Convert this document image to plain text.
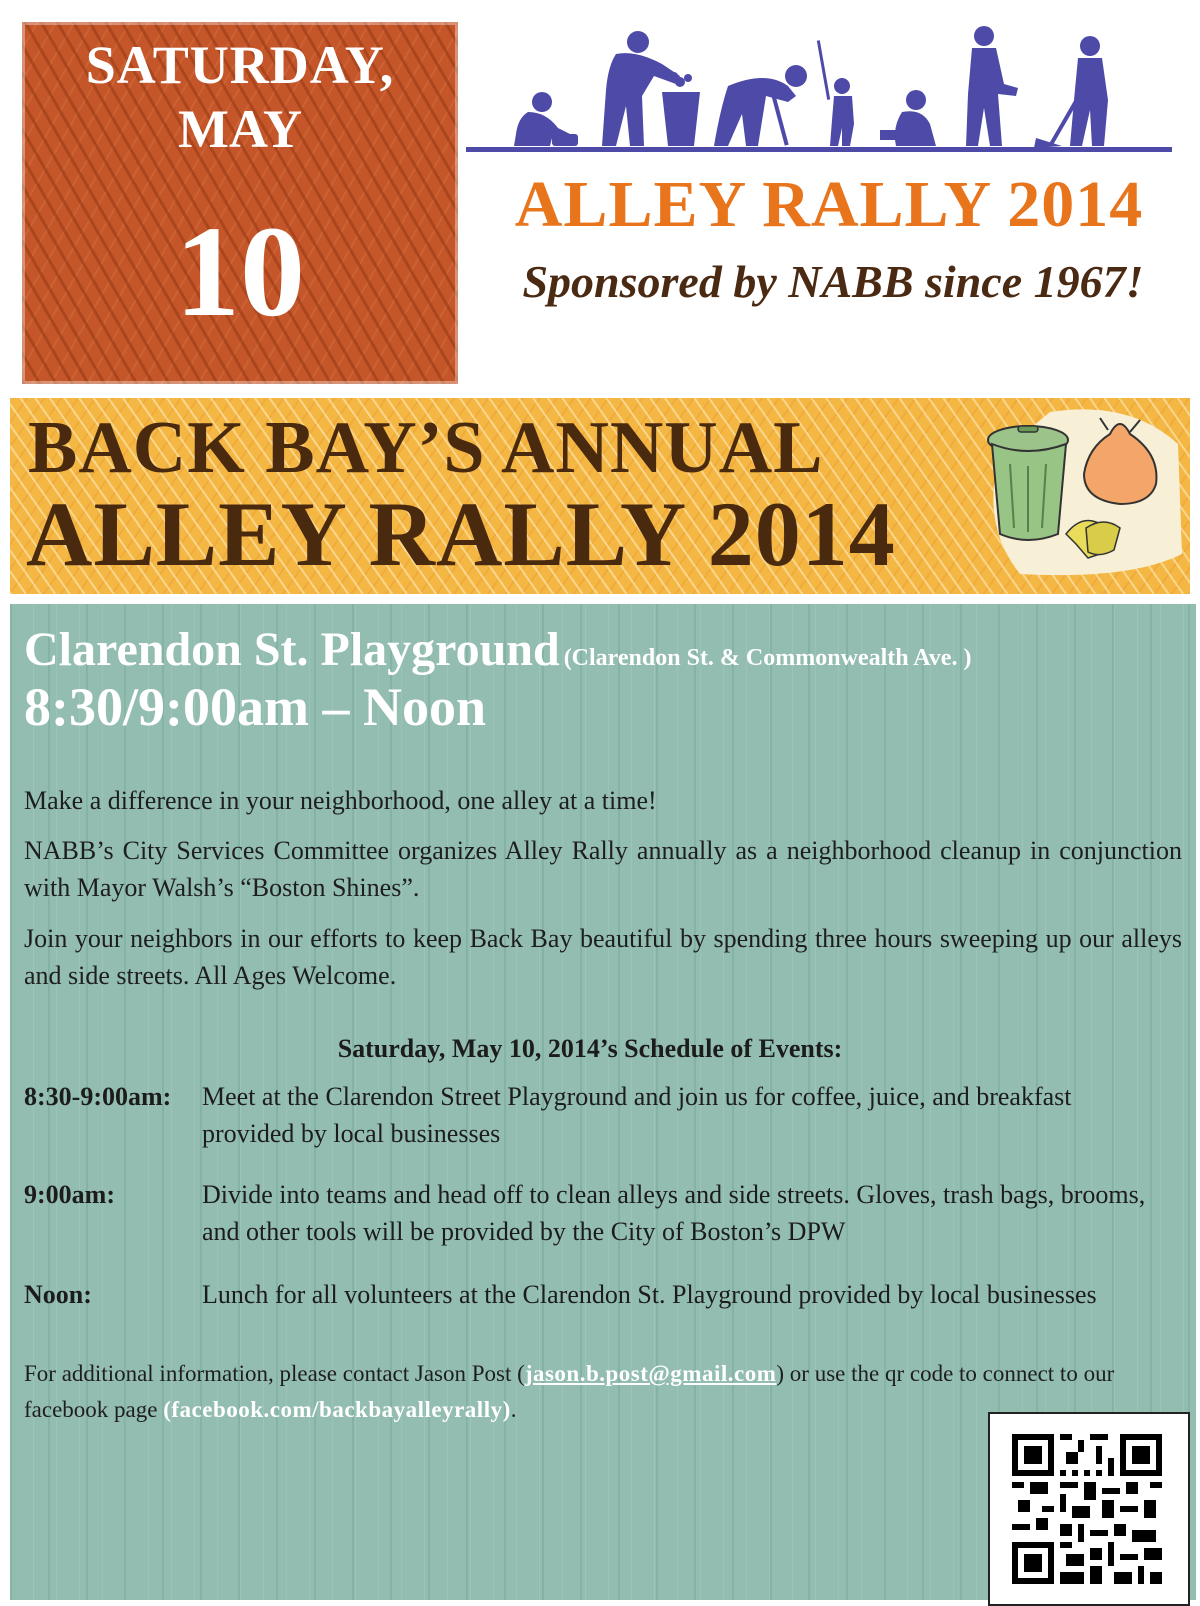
SATURDAY,
MAY
10	ALLEY RALLY 2014
Sponsored by NABB since 1967!
BACK BAY’S ANNUAL
ALLEY RALLY 2014
Clarendon St. Playground (Clarendon St. & Commonwealth Ave. )
8:30/9:00am – Noon
Make a difference in your neighborhood, one alley at a time!
NABB’s City Services Committee organizes Alley Rally annually as a neighborhood cleanup in conjunction with Mayor Walsh’s “Boston Shines”.
Join your neighbors in our efforts to keep Back Bay beautiful by spending three hours sweeping up our alleys and side streets. All Ages Welcome.
Saturday, May 10, 2014’s Schedule of Events:
8:30-9:00am:	Meet at the Clarendon Street Playground and join us for coffee, juice, and breakfast provided by local businesses
9:00am:	Divide into teams and head off to clean alleys and side streets. Gloves, trash bags, brooms, and other tools will be provided by the City of Boston’s DPW
Noon:	Lunch for all volunteers at the Clarendon St. Playground provided by local businesses
For additional information, please contact Jason Post (jason.b.post@gmail.com) or use the qr code to connect to our facebook page (facebook.com/backbayalleyrally).
